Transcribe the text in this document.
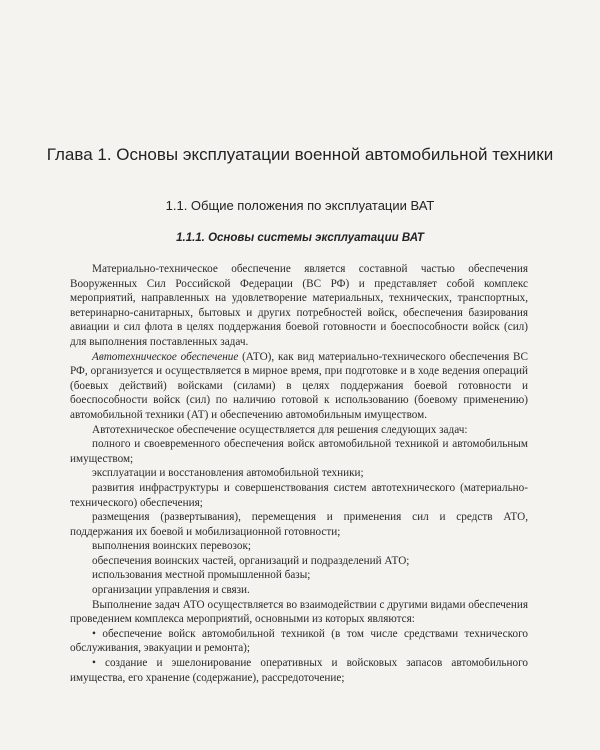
Глава 1. Основы эксплуатации военной автомобильной техники
1.1. Общие положения по эксплуатации ВАТ
1.1.1. Основы системы эксплуатации ВАТ

Материально-техническое обеспечение является составной частью обеспечения Вооруженных Сил Российской Федерации (ВС РФ) и представляет собой комплекс мероприятий, направленных на удовлетворение материальных, технических, транспортных, ветеринарно-санитарных, бытовых и других потребностей войск, обеспечения базирования авиации и сил флота в целях поддержания боевой готовности и боеспособности войск (сил) для выполнения поставленных задач.

Автотехническое обеспечение (АТО), как вид материально-технического обеспечения ВС РФ, организуется и осуществляется в мирное время, при подготовке и в ходе ведения операций (боевых действий) войсками (силами) в целях поддержания боевой готовности и боеспособности войск (сил) по наличию готовой к использованию (боевому применению) автомобильной техники (АТ) и обеспечению автомобильным имуществом.

Автотехническое обеспечение осуществляется для решения следующих задач:

полного и своевременного обеспечения войск автомобильной техникой и автомобильным имуществом;

эксплуатации и восстановления автомобильной техники;

развития инфраструктуры и совершенствования систем автотехнического (материально-технического) обеспечения;

размещения (развертывания), перемещения и применения сил и средств АТО, поддержания их боевой и мобилизационной готовности;

выполнения воинских перевозок;

обеспечения воинских частей, организаций и подразделений АТО;

использования местной промышленной базы;

организации управления и связи.

Выполнение задач АТО осуществляется во взаимодействии с другими видами обеспечения проведением комплекса мероприятий, основными из которых являются:

• обеспечение войск автомобильной техникой (в том числе средствами технического обслуживания, эвакуации и ремонта);

• создание и эшелонирование оперативных и войсковых запасов автомобильного имущества, его хранение (содержание), рассредоточение;
